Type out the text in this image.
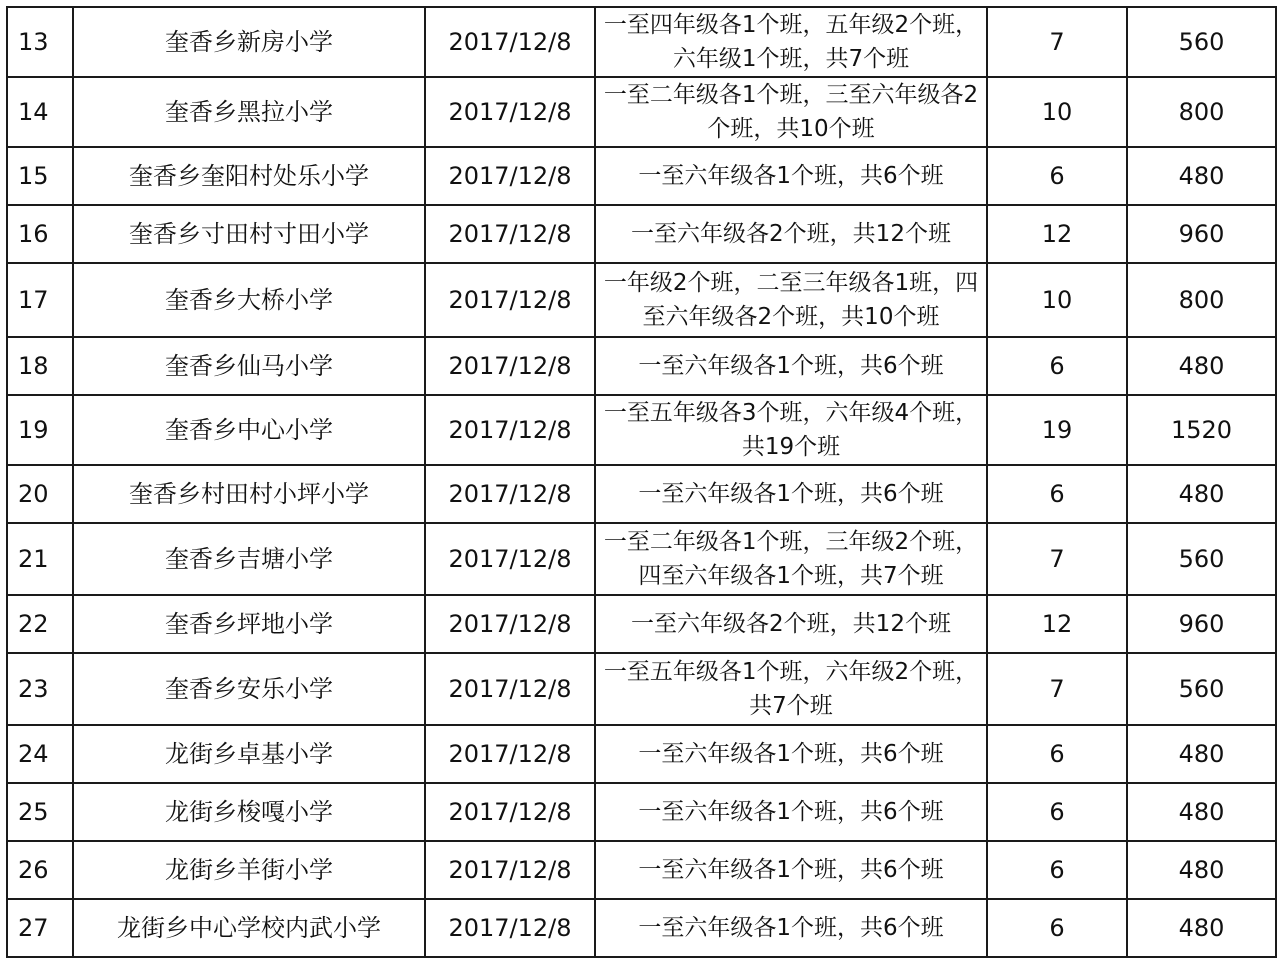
13	奎香乡新房小学	2017/12/8	一至四年级各1个班，五年级2个班，
六年级1个班，共7个班	7	560
14	奎香乡黑拉小学	2017/12/8	一至二年级各1个班，三至六年级各2
个班，共10个班	10	800
15	奎香乡奎阳村处乐小学	2017/12/8	一至六年级各1个班，共6个班	6	480
16	奎香乡寸田村寸田小学	2017/12/8	一至六年级各2个班，共12个班	12	960
17	奎香乡大桥小学	2017/12/8	一年级2个班，二至三年级各1班，四
至六年级各2个班，共10个班	10	800
18	奎香乡仙马小学	2017/12/8	一至六年级各1个班，共6个班	6	480
19	奎香乡中心小学	2017/12/8	一至五年级各3个班，六年级4个班，
共19个班	19	1520
20	奎香乡村田村小坪小学	2017/12/8	一至六年级各1个班，共6个班	6	480
21	奎香乡吉塘小学	2017/12/8	一至二年级各1个班，三年级2个班，
四至六年级各1个班，共7个班	7	560
22	奎香乡坪地小学	2017/12/8	一至六年级各2个班，共12个班	12	960
23	奎香乡安乐小学	2017/12/8	一至五年级各1个班，六年级2个班，
共7个班	7	560
24	龙街乡卓基小学	2017/12/8	一至六年级各1个班，共6个班	6	480
25	龙街乡梭嘎小学	2017/12/8	一至六年级各1个班，共6个班	6	480
26	龙街乡羊街小学	2017/12/8	一至六年级各1个班，共6个班	6	480
27	龙街乡中心学校内武小学	2017/12/8	一至六年级各1个班，共6个班	6	480
